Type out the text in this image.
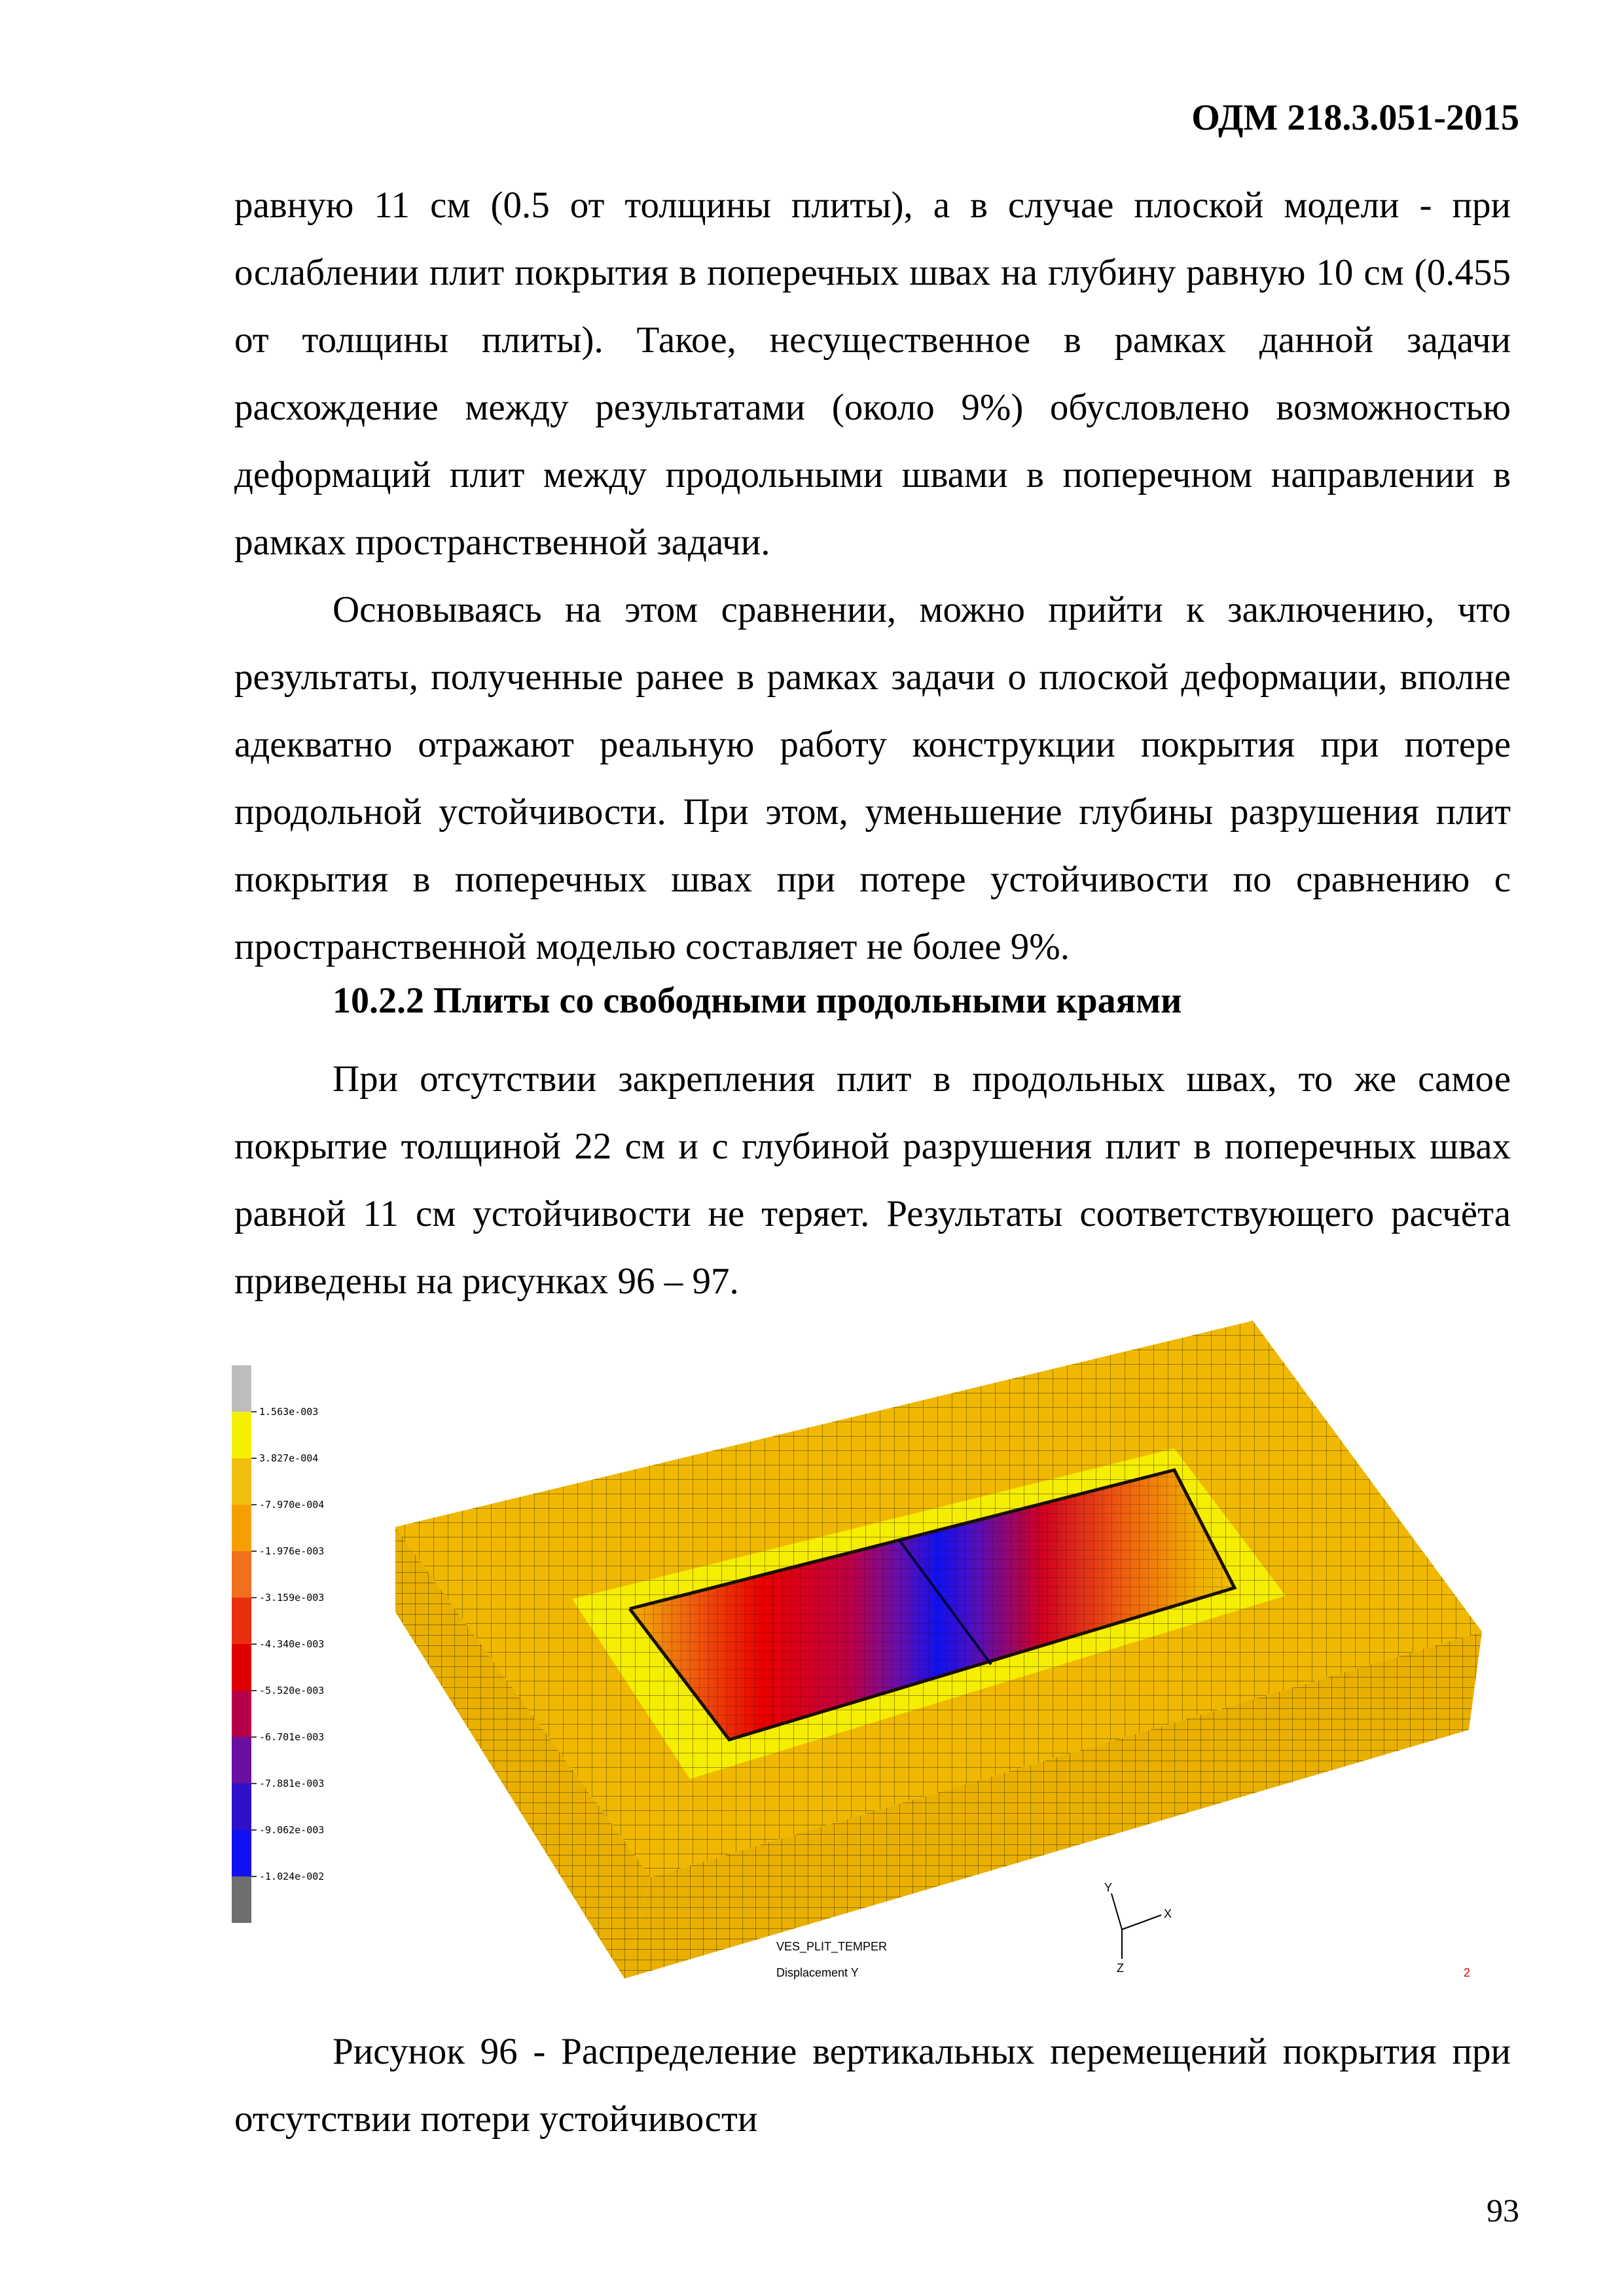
ОДМ 218.3.051-2015

равную 11 см (0.5 от толщины плиты), а в случае плоской модели - при ослаблении плит покрытия в поперечных швах на глубину равную 10 см (0.455 от толщины плиты). Такое, несущественное в рамках данной задачи расхождение между результатами (около 9%) обусловлено возможностью деформаций плит между продольными швами в поперечном направлении в рамках пространственной задачи.

Основываясь на этом сравнении, можно прийти к заключению, что результаты, полученные ранее в рамках задачи о плоской деформации, вполне адекватно отражают реальную работу конструкции покрытия при потере продольной устойчивости. При этом, уменьшение глубины разрушения плит покрытия в поперечных швах при потере устойчивости по сравнению с пространственной моделью составляет не более 9%.

10.2.2 Плиты со свободными продольными краями

При отсутствии закрепления плит в продольных швах, то же самое покрытие толщиной 22 см и с глубиной разрушения плит в поперечных швах равной 11 см устойчивости не теряет. Результаты соответствующего расчёта приведены на рисунках 96 – 97.

1.563e-003
3.827e-004
-7.970e-004
-1.976e-003
-3.159e-003
-4.340e-003
-5.520e-003
-6.701e-003
-7.881e-003
-9.062e-003
-1.024e-002
X
Y
Z
VES_PLIT_TEMPER
Displacement Y	2

Рисунок 96 - Распределение вертикальных перемещений покрытия при отсутствии потери устойчивости

93
